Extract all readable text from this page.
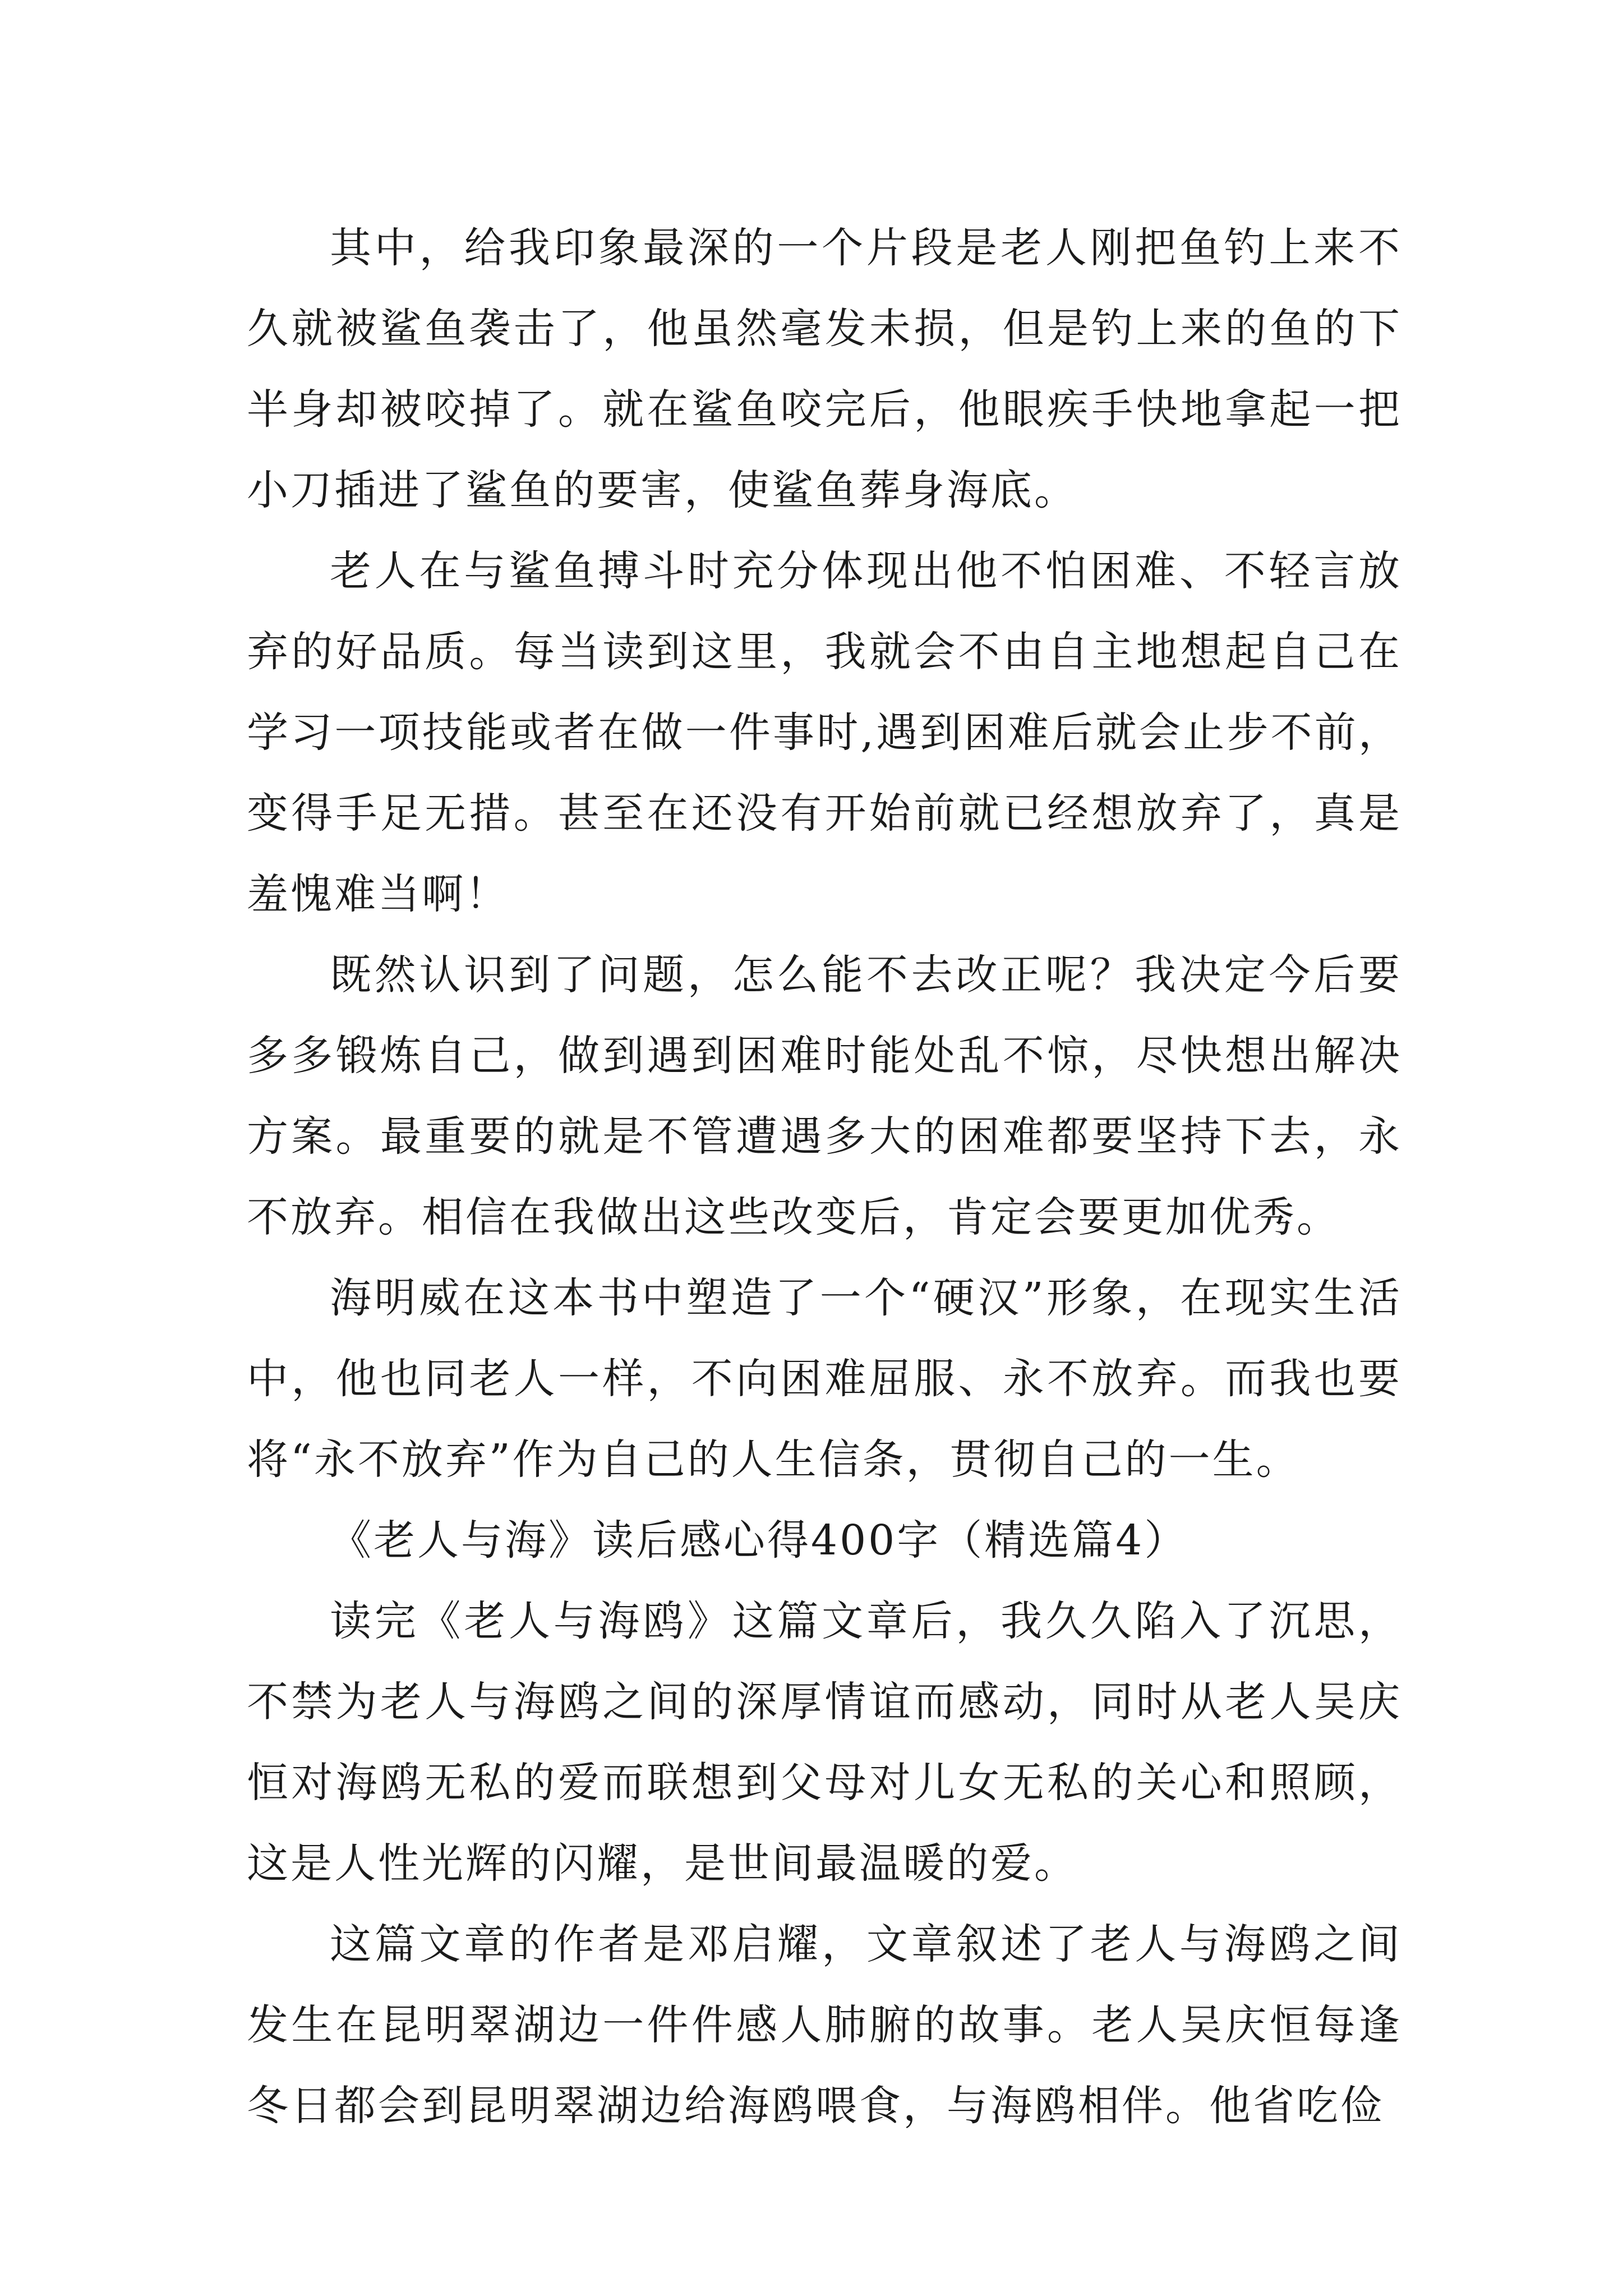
其中，给我印象最深的一个片段是老人刚把鱼钓上来不久就被鲨鱼袭击了，他虽然毫发未损，但是钓上来的鱼的下半身却被咬掉了。就在鲨鱼咬完后，他眼疾手快地拿起一把小刀插进了鲨鱼的要害，使鲨鱼葬身海底。

老人在与鲨鱼搏斗时充分体现出他不怕困难、不轻言放弃的好品质。每当读到这里，我就会不由自主地想起自己在学习一项技能或者在做一件事时,遇到困难后就会止步不前，变得手足无措。甚至在还没有开始前就已经想放弃了，真是羞愧难当啊！

既然认识到了问题，怎么能不去改正呢？我决定今后要多多锻炼自己，做到遇到困难时能处乱不惊，尽快想出解决方案。最重要的就是不管遭遇多大的困难都要坚持下去，永不放弃。相信在我做出这些改变后，肯定会要更加优秀。

海明威在这本书中塑造了一个“硬汉”形象，在现实生活中，他也同老人一样，不向困难屈服、永不放弃。而我也要将“永不放弃”作为自己的人生信条，贯彻自己的一生。

《老人与海》读后感心得400字（精选篇4）

读完《老人与海鸥》这篇文章后，我久久陷入了沉思，不禁为老人与海鸥之间的深厚情谊而感动，同时从老人吴庆恒对海鸥无私的爱而联想到父母对儿女无私的关心和照顾，这是人性光辉的闪耀，是世间最温暖的爱。

这篇文章的作者是邓启耀，文章叙述了老人与海鸥之间发生在昆明翠湖边一件件感人肺腑的故事。老人吴庆恒每逢冬日都会到昆明翠湖边给海鸥喂食，与海鸥相伴。他省吃俭
